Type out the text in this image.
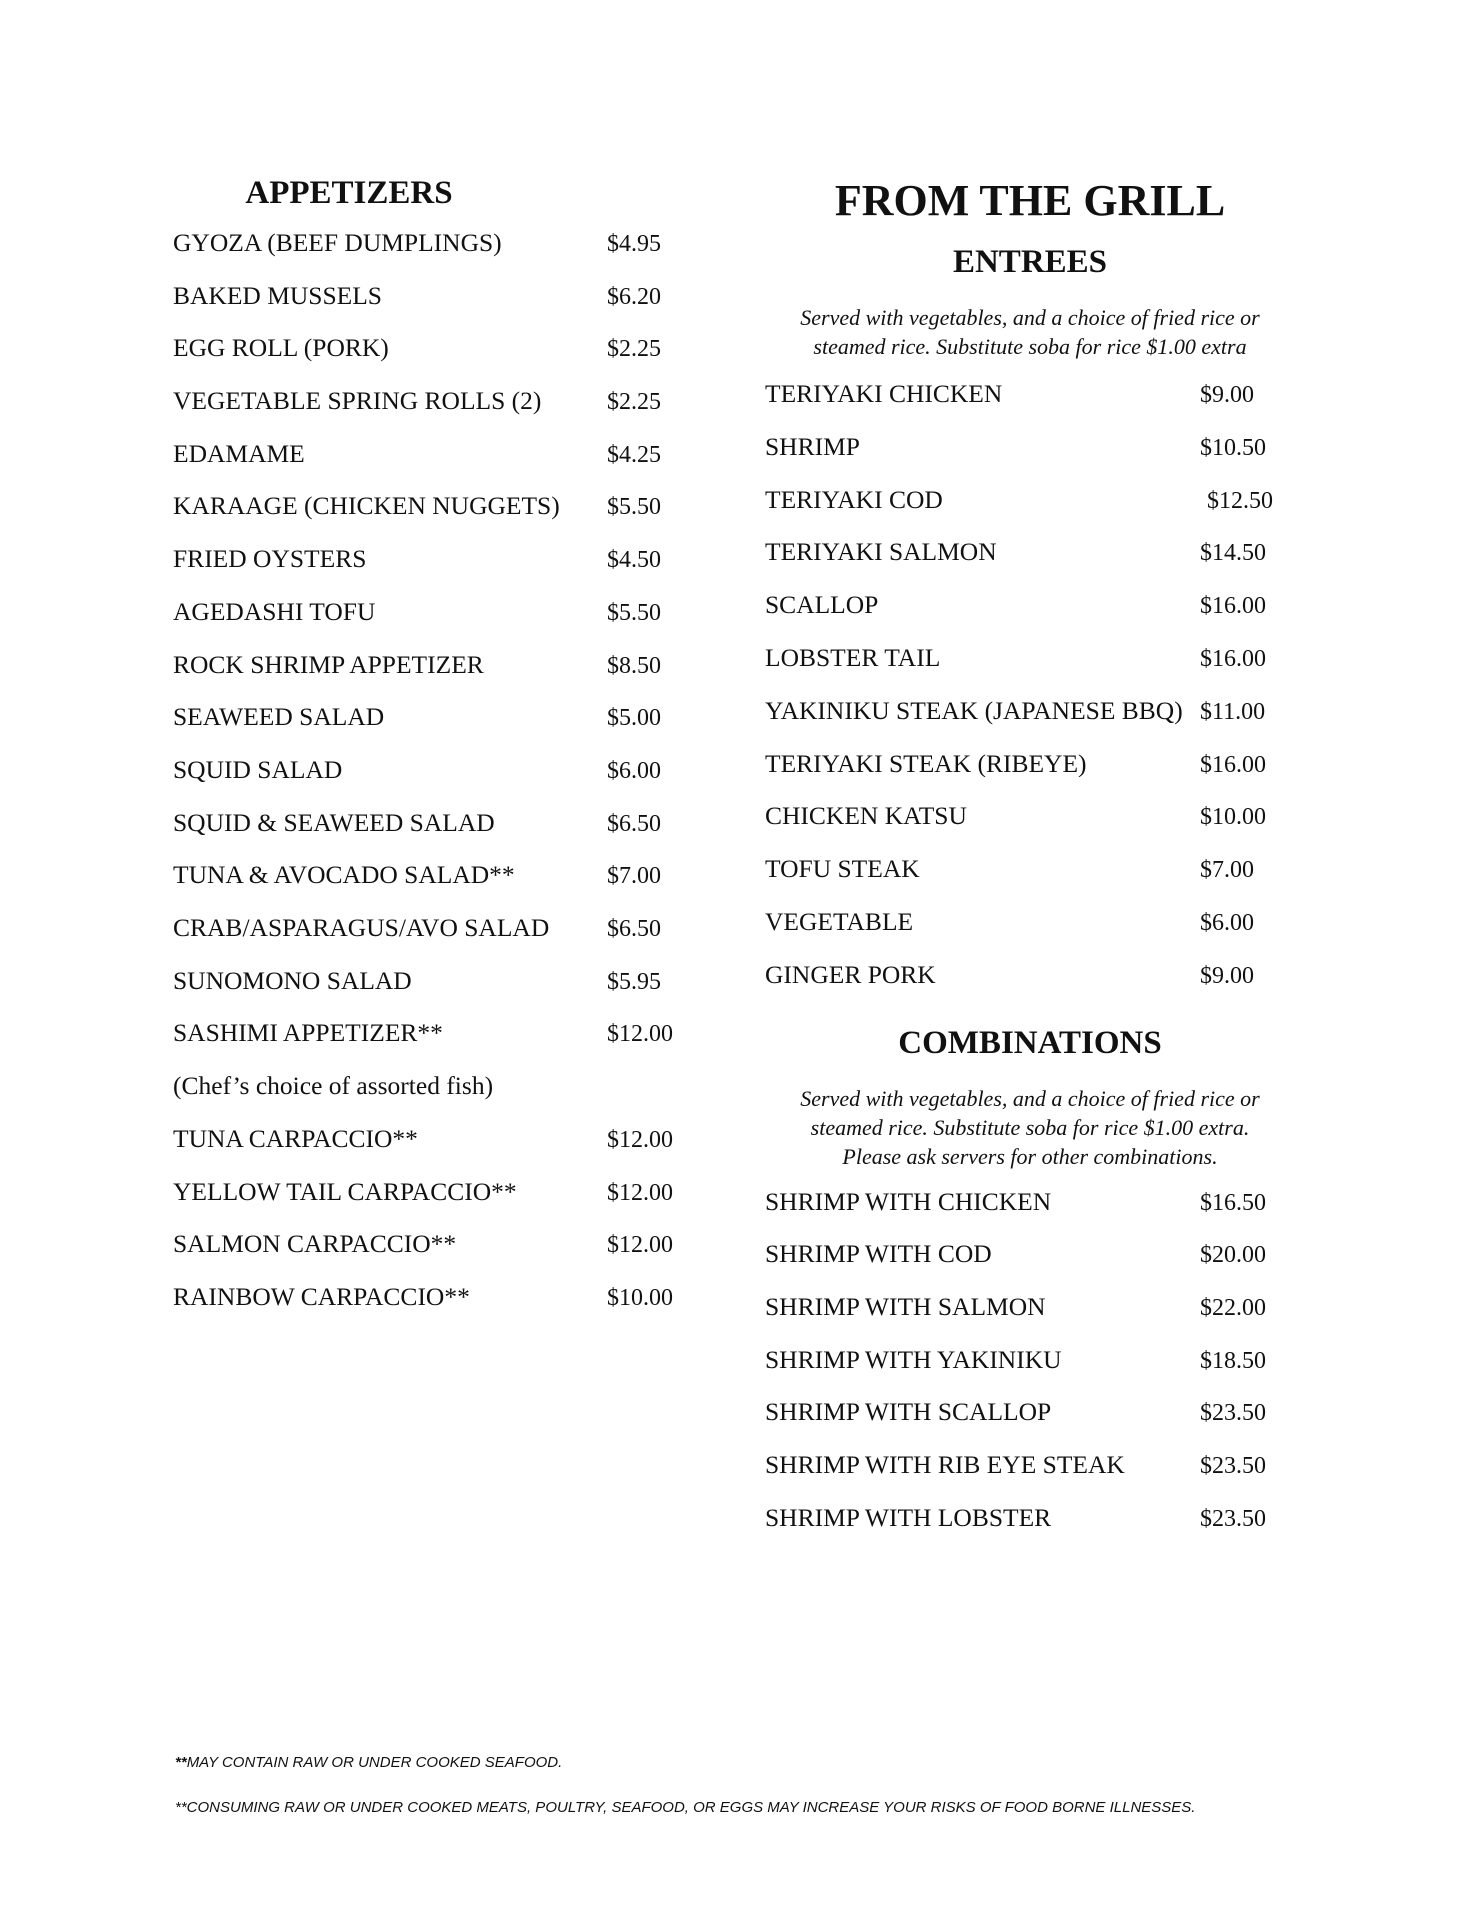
APPETIZERS
GYOZA (BEEF DUMPLINGS)	$4.95
BAKED MUSSELS	$6.20
EGG ROLL (PORK)	$2.25
VEGETABLE SPRING ROLLS (2)	$2.25
EDAMAME	$4.25
KARAAGE (CHICKEN NUGGETS) $5.50
FRIED OYSTERS	$4.50
AGEDASHI TOFU	$5.50
ROCK SHRIMP APPETIZER	$8.50
SEAWEED SALAD	$5.00
SQUID SALAD	$6.00
SQUID & SEAWEED SALAD	$6.50
TUNA & AVOCADO SALAD**	$7.00
CRAB/ASPARAGUS/AVO SALAD $6.50
SUNOMONO SALAD	$5.95
SASHIMI APPETIZER**	$12.00
(Chef’s choice of assorted fish)
TUNA CARPACCIO**	$12.00
YELLOW TAIL CARPACCIO**	$12.00
SALMON CARPACCIO**	$12.00
RAINBOW CARPACCIO**	$10.00
FROM THE GRILL
ENTREES
Served with vegetables, and a choice of fried rice or
steamed rice. Substitute soba for rice $1.00 extra
TERIYAKI CHICKEN	$9.00
SHRIMP	$10.50
TERIYAKI COD	$12.50
TERIYAKI SALMON	$14.50
SCALLOP	$16.00
LOBSTER TAIL	$16.00
YAKINIKU STEAK (JAPANESE BBQ) $11.00
TERIYAKI STEAK (RIBEYE)	$16.00
CHICKEN KATSU	$10.00
TOFU STEAK	$7.00
VEGETABLE	$6.00
GINGER PORK	$9.00
COMBINATIONS
Served with vegetables, and a choice of fried rice or
steamed rice. Substitute soba for rice $1.00 extra.
Please ask servers for other combinations.
SHRIMP WITH CHICKEN	$16.50
SHRIMP WITH COD	$20.00
SHRIMP WITH SALMON	$22.00
SHRIMP WITH YAKINIKU	$18.50
SHRIMP WITH SCALLOP	$23.50
SHRIMP WITH RIB EYE STEAK	$23.50
SHRIMP WITH LOBSTER	$23.50

**MAY CONTAIN RAW OR UNDER COOKED SEAFOOD.

**CONSUMING RAW OR UNDER COOKED MEATS, POULTRY, SEAFOOD, OR EGGS MAY INCREASE YOUR RISKS OF FOOD BORNE ILLNESSES.
